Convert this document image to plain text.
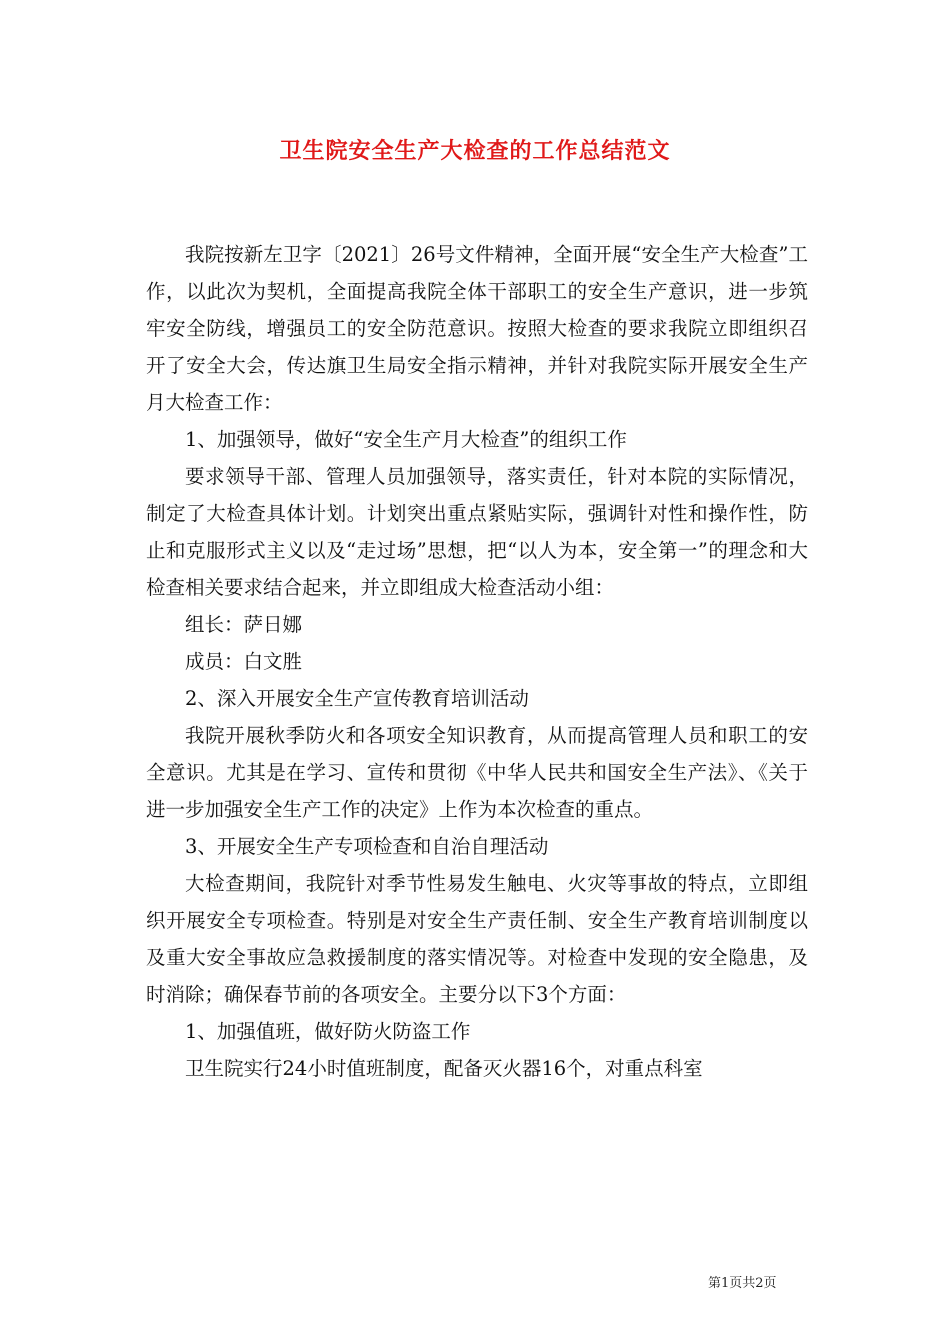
卫生院安全生产大检查的工作总结范文

我院按新左卫字〔2021〕26号文件精神，全面开展“安全生产大检查”工作，以此次为契机，全面提高我院全体干部职工的安全生产意识，进一步筑牢安全防线，增强员工的安全防范意识。按照大检查的要求我院立即组织召开了安全大会，传达旗卫生局安全指示精神，并针对我院实际开展安全生产月大检查工作：

1、加强领导，做好“安全生产月大检查”的组织工作

要求领导干部、管理人员加强领导，落实责任，针对本院的实际情况，制定了大检查具体计划。计划突出重点紧贴实际，强调针对性和操作性，防止和克服形式主义以及“走过场”思想，把“以人为本，安全第一”的理念和大检查相关要求结合起来，并立即组成大检查活动小组：

组长：萨日娜

成员：白文胜

2、深入开展安全生产宣传教育培训活动

我院开展秋季防火和各项安全知识教育，从而提高管理人员和职工的安全意识。尤其是在学习、宣传和贯彻《中华人民共和国安全生产法》、《关于进一步加强安全生产工作的决定》上作为本次检查的重点。

3、开展安全生产专项检查和自治自理活动

大检查期间，我院针对季节性易发生触电、火灾等事故的特点，立即组织开展安全专项检查。特别是对安全生产责任制、安全生产教育培训制度以及重大安全事故应急救援制度的落实情况等。对检查中发现的安全隐患，及时消除；确保春节前的各项安全。主要分以下3个方面：

1、加强值班，做好防火防盗工作

卫生院实行24小时值班制度，配备灭火器16个，对重点科室

第1页共2页
